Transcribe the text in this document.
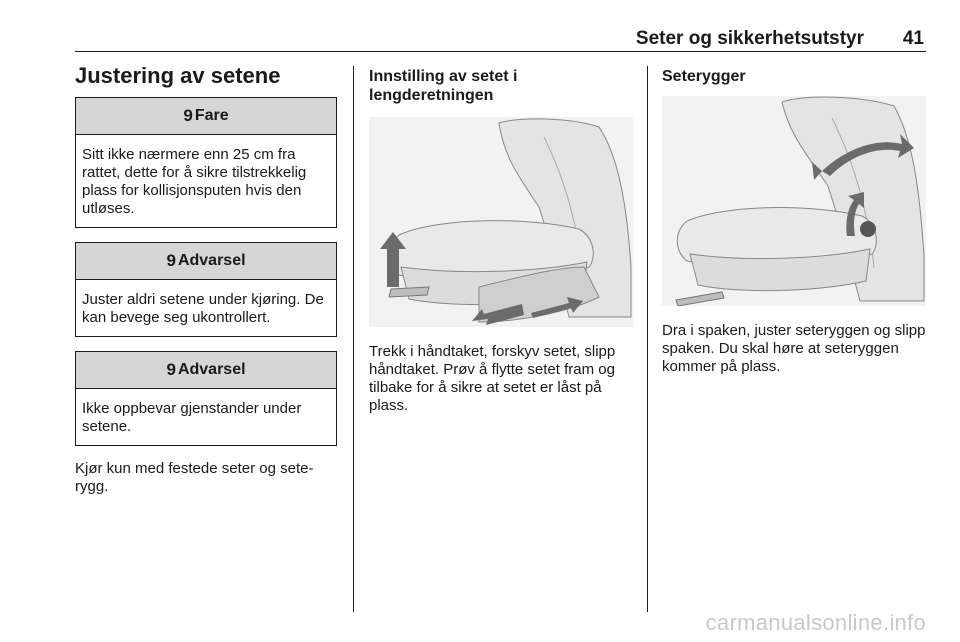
Seter og sikkerhetsutstyr 41
Justering av setene
9 Fare
Sitt ikke nærmere enn 25 cm fra rattet, dette for å sikre tilstrekkelig plass for kollisjonsputen hvis den utløses.
9 Advarsel
Juster aldri setene under kjøring. De kan bevege seg ukontrollert.
9 Advarsel
Ikke oppbevar gjenstander under setene.
Kjør kun med festede seter og seterygg.
Innstilling av setet i lengderetningen
Trekk i håndtaket, forskyv setet, slipp håndtaket. Prøv å flytte setet fram og tilbake for å sikre at setet er låst på plass.
Seterygger
Dra i spaken, juster seteryggen og slipp spaken. Du skal høre at seteryggen kommer på plass.
carmanualsonline.info
